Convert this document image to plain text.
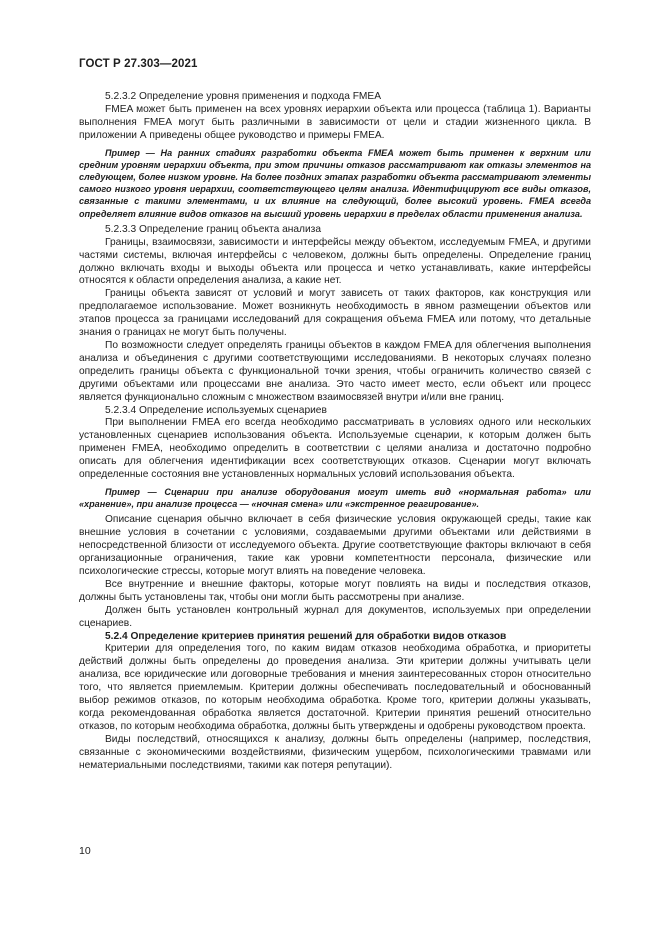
ГОСТ Р 27.303—2021

5.2.3.2 Определение уровня применения и подхода FMEA

FMEA может быть применен на всех уровнях иерархии объекта или процесса (таблица 1). Варианты выполнения FMEA могут быть различными в зависимости от цели и стадии жизненного цикла. В приложении А приведены общее руководство и примеры FMEA.

Пример — На ранних стадиях разработки объекта FMEA может быть применен к верхним или средним уровням иерархии объекта, при этом причины отказов рассматривают как отказы элементов на следующем, более низком уровне. На более поздних этапах разработки объекта рассматривают элементы самого низкого уровня иерархии, соответствующего целям анализа. Идентифицируют все виды отказов, связанные с такими элементами, и их влияние на следующий, более высокий уровень. FMEA всегда определяет влияние видов отказов на высший уровень иерархии в пределах области применения анализа.

5.2.3.3 Определение границ объекта анализа

Границы, взаимосвязи, зависимости и интерфейсы между объектом, исследуемым FMEA, и другими частями системы, включая интерфейсы с человеком, должны быть определены. Определение границ должно включать входы и выходы объекта или процесса и четко устанавливать, какие интерфейсы относятся к области определения анализа, а какие нет.

Границы объекта зависят от условий и могут зависеть от таких факторов, как конструкция или предполагаемое использование. Может возникнуть необходимость в явном размещении объектов или этапов процесса за границами исследований для сокращения объема FMEA или потому, что детальные знания о границах не могут быть получены.

По возможности следует определять границы объектов в каждом FMEA для облегчения выполнения анализа и объединения с другими соответствующими исследованиями. В некоторых случаях полезно определить границы объекта с функциональной точки зрения, чтобы ограничить количество связей с другими объектами или процессами вне анализа. Это часто имеет место, если объект или процесс является функционально сложным с множеством взаимосвязей внутри и/или вне границ.

5.2.3.4 Определение используемых сценариев

При выполнении FMEA его всегда необходимо рассматривать в условиях одного или нескольких установленных сценариев использования объекта. Используемые сценарии, к которым должен быть применен FMEA, необходимо определить в соответствии с целями анализа и достаточно подробно описать для облегчения идентификации всех соответствующих отказов. Сценарии могут включать определенные состояния вне установленных нормальных условий использования объекта.

Пример — Сценарии при анализе оборудования могут иметь вид «нормальная работа» или «хранение», при анализе процесса — «ночная смена» или «экстренное реагирование».

Описание сценария обычно включает в себя физические условия окружающей среды, такие как внешние условия в сочетании с условиями, создаваемыми другими объектами или действиями в непосредственной близости от исследуемого объекта. Другие соответствующие факторы включают в себя организационные ограничения, такие как уровни компетентности персонала, физические или психологические стрессы, которые могут влиять на поведение человека.

Все внутренние и внешние факторы, которые могут повлиять на виды и последствия отказов, должны быть установлены так, чтобы они могли быть рассмотрены при анализе.

Должен быть установлен контрольный журнал для документов, используемых при определении сценариев.

5.2.4 Определение критериев принятия решений для обработки видов отказов

Критерии для определения того, по каким видам отказов необходима обработка, и приоритеты действий должны быть определены до проведения анализа. Эти критерии должны учитывать цели анализа, все юридические или договорные требования и мнения заинтересованных сторон относительно того, что является приемлемым. Критерии должны обеспечивать последовательный и обоснованный выбор режимов отказов, по которым необходима обработка. Кроме того, критерии должны указывать, когда рекомендованная обработка является достаточной. Критерии принятия решений относительно отказов, по которым необходима обработка, должны быть утверждены и одобрены руководством проекта.

Виды последствий, относящихся к анализу, должны быть определены (например, последствия, связанные с экономическими воздействиями, физическим ущербом, психологическими травмами или нематериальными последствиями, такими как потеря репутации).

10
